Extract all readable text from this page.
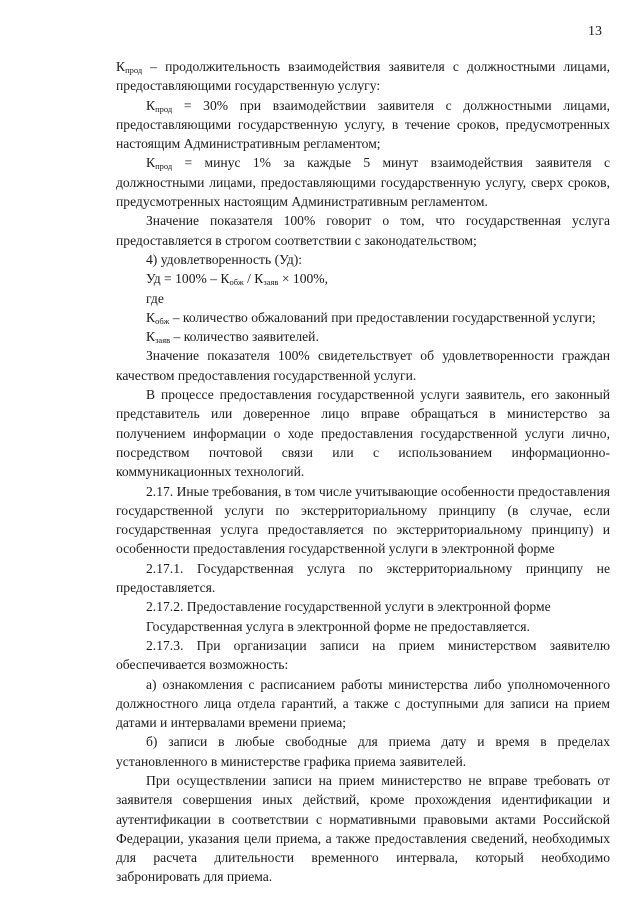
13

$К_{прод}$ – продолжительность взаимодействия заявителя с должностными лицами, предоставляющими государственную услугу:

$К_{прод} = 30\%$ при взаимодействии заявителя с должностными лицами, предоставляющими государственную услугу, в течение сроков, предусмотренных настоящим Административным регламентом;

$К_{прод}$ = минус 1% за каждые 5 минут взаимодействия заявителя с должностными лицами, предоставляющими государственную услугу, сверх сроков, предусмотренных настоящим Административным регламентом.

Значение показателя 100% говорит о том, что государственная услуга предоставляется в строгом соответствии с законодательством;

4) удовлетворенность (Уд):

Уд = $100\% - К_{обж} / К_{заяв} \times 100\%$,

где

$К_{обж}$ – количество обжалований при предоставлении государственной услуги;

$К_{заяв}$ – количество заявителей.

Значение показателя 100% свидетельствует об удовлетворенности граждан качеством предоставления государственной услуги.

В процессе предоставления государственной услуги заявитель, его законный представитель или доверенное лицо вправе обращаться в министерство за получением информации о ходе предоставления государственной услуги лично, посредством почтовой связи или с использованием информационно-коммуникационных технологий.

2.17. Иные требования, в том числе учитывающие особенности предоставления государственной услуги по экстерриториальному принципу (в случае, если государственная услуга предоставляется по экстерриториальному принципу) и особенности предоставления государственной услуги в электронной форме

2.17.1. Государственная услуга по экстерриториальному принципу не предоставляется.

2.17.2. Предоставление государственной услуги в электронной форме

Государственная услуга в электронной форме не предоставляется.

2.17.3. При организации записи на прием министерством заявителю обеспечивается возможность:

а) ознакомления с расписанием работы министерства либо уполномоченного должностного лица отдела гарантий, а также с доступными для записи на прием датами и интервалами времени приема;

б) записи в любые свободные для приема дату и время в пределах установленного в министерстве графика приема заявителей.

При осуществлении записи на прием министерство не вправе требовать от заявителя совершения иных действий, кроме прохождения идентификации и аутентификации в соответствии с нормативными правовыми актами Российской Федерации, указания цели приема, а также предоставления сведений, необходимых для расчета длительности временного интервала, который необходимо забронировать для приема.
